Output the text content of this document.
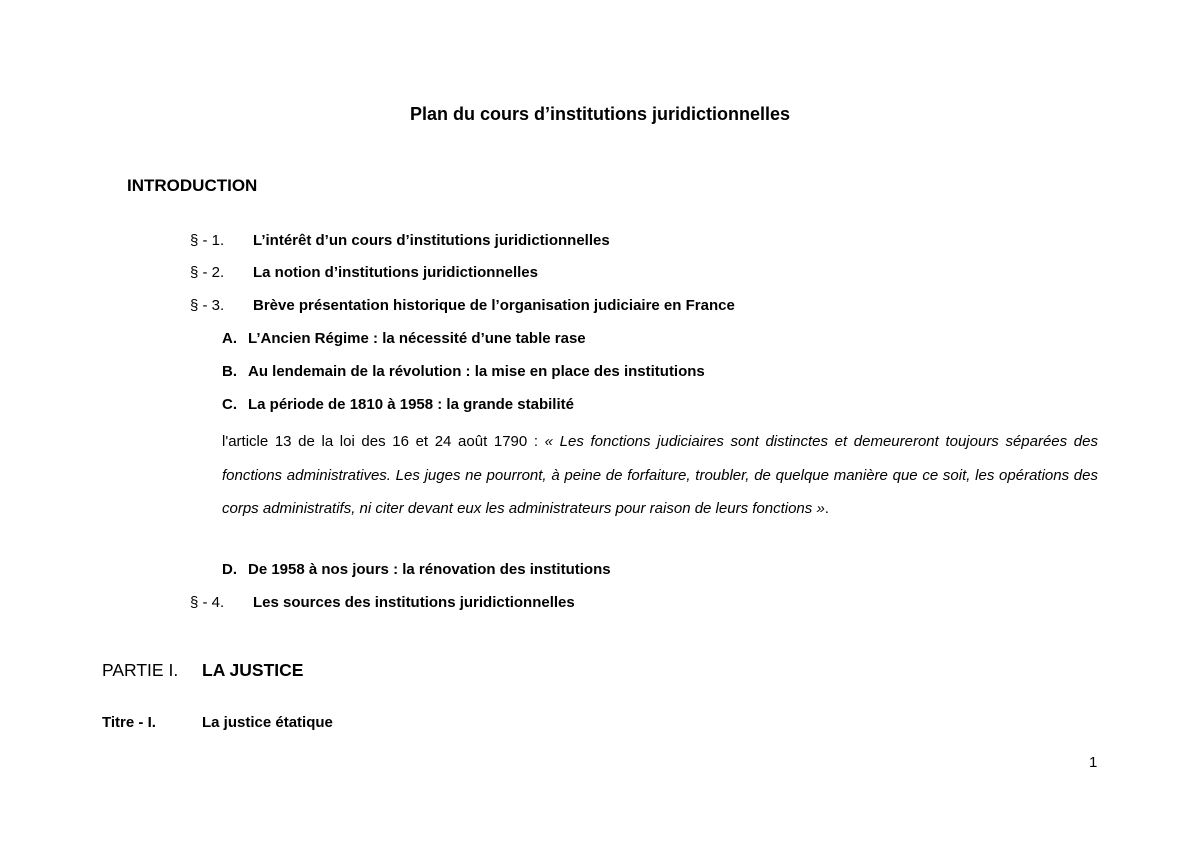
Plan du cours d’institutions juridictionnelles
INTRODUCTION
§ - 1. L’intérêt d’un cours d’institutions juridictionnelles
§ - 2. La notion d’institutions juridictionnelles
§ - 3. Brève présentation historique de l’organisation judiciaire en France
A. L’Ancien Régime : la nécessité d’une table rase
B. Au lendemain de la révolution : la mise en place des institutions
C. La période de 1810 à 1958 : la grande stabilité
l'article 13 de la loi des 16 et 24 août 1790 : « Les fonctions judiciaires sont distinctes et demeureront toujours séparées des fonctions administratives. Les juges ne pourront, à peine de forfaiture, troubler, de quelque manière que ce soit, les opérations des corps administratifs, ni citer devant eux les administrateurs pour raison de leurs fonctions ».
D. De 1958 à nos jours : la rénovation des institutions
§ - 4. Les sources des institutions juridictionnelles
PARTIE I. LA JUSTICE
Titre - I.	La justice étatique
1
